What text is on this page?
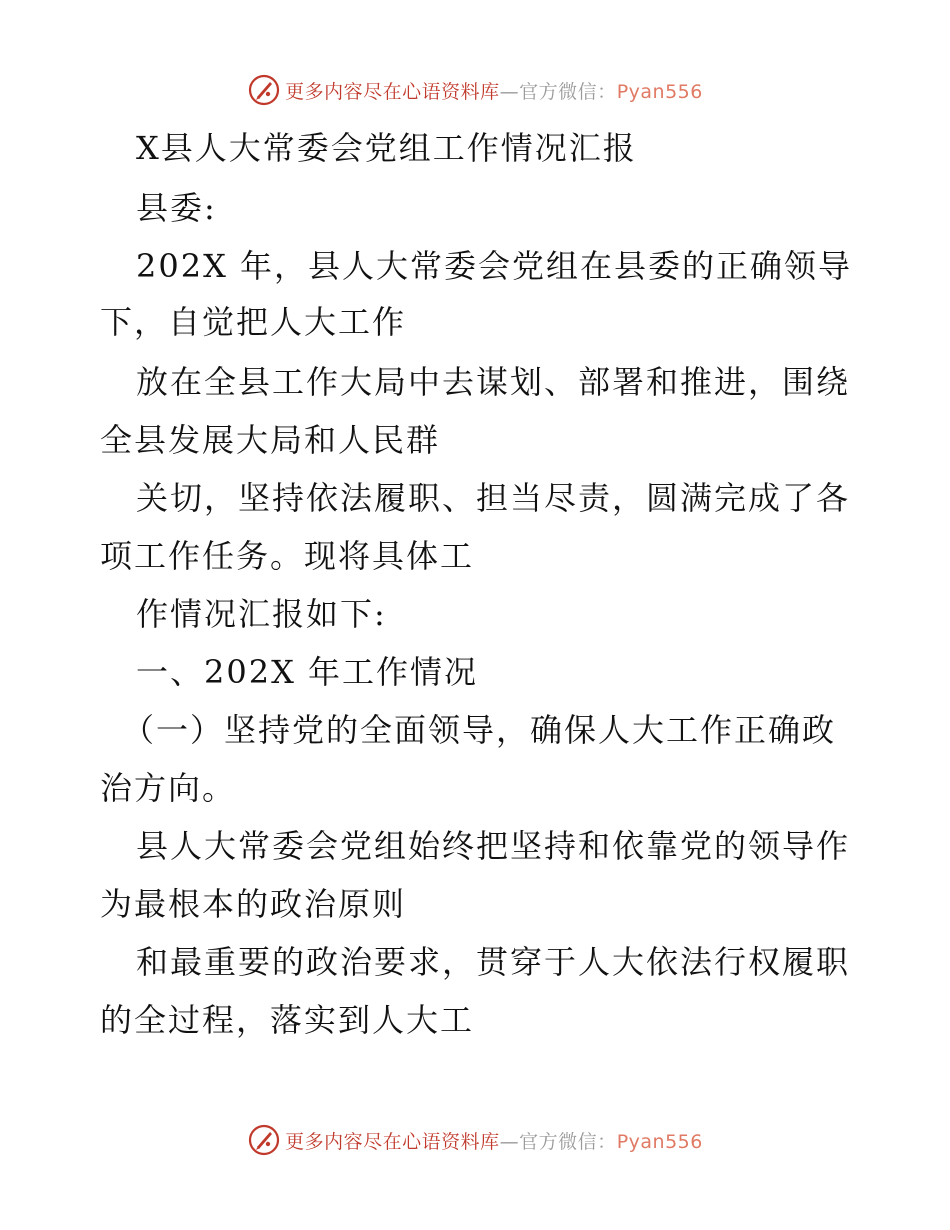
更多内容尽在心语资料库—官方微信：Pyan556
X县人大常委会党组工作情况汇报
县委:
202X 年，县人大常委会党组在县委的正确领导
下，自觉把人大工作
放在全县工作大局中去谋划、部署和推进，围绕
全县发展大局和人民群
关切，坚持依法履职、担当尽责，圆满完成了各
项工作任务。现将具体工
作情况汇报如下:
一、202X 年工作情况
（一）坚持党的全面领导，确保人大工作正确政
治方向。
县人大常委会党组始终把坚持和依靠党的领导作
为最根本的政治原则
和最重要的政治要求，贯穿于人大依法行权履职
的全过程，落实到人大工
更多内容尽在心语资料库—官方微信：Pyan556
